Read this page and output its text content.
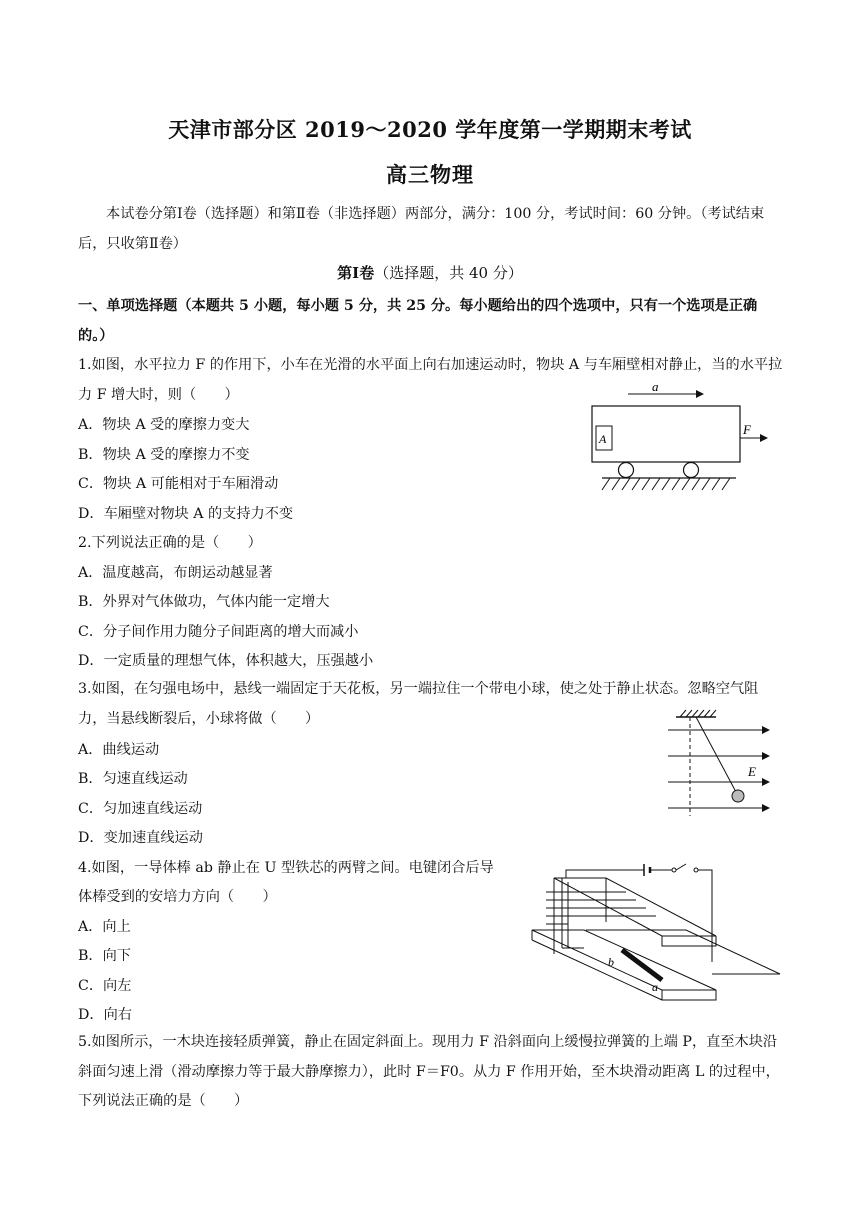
天津市部分区 2019～2020 学年度第一学期期末考试
高三物理
本试卷分第Ⅰ卷（选择题）和第Ⅱ卷（非选择题）两部分，满分：100 分，考试时间：60 分钟。（考试结束后，只收第Ⅱ卷）
第Ⅰ卷（选择题，共 40 分）
一、单项选择题（本题共 5 小题，每小题 5 分，共 25 分。每小题给出的四个选项中，只有一个选项是正确的。）
1.如图，水平拉力 F 的作用下，小车在光滑的水平面上向右加速运动时，物块 A 与车厢壁相对静止，当的水平拉力 F 增大时，则（　　）
A．物块 A 受的摩擦力变大
B．物块 A 受的摩擦力不变
C．物块 A 可能相对于车厢滑动
D．车厢壁对物块 A 的支持力不变
a
A
F
2.下列说法正确的是（　　）
A．温度越高，布朗运动越显著
B．外界对气体做功，气体内能一定增大
C．分子间作用力随分子间距离的增大而减小
D．一定质量的理想气体，体积越大，压强越小
3.如图，在匀强电场中，悬线一端固定于天花板，另一端拉住一个带电小球，使之处于静止状态。忽略空气阻力，当悬线断裂后，小球将做（　　）
A．曲线运动
B．匀速直线运动
C．匀加速直线运动
D．变加速直线运动
E
4.如图，一导体棒 ab 静止在 U 型铁芯的两臂之间。电键闭合后导
体棒受到的安培力方向（　　）
A．向上
B．向下
C．向左
D．向右
b
a
5.如图所示，一木块连接轻质弹簧，静止在固定斜面上。现用力 F 沿斜面向上缓慢拉弹簧的上端 P，直至木块沿斜面匀速上滑（滑动摩擦力等于最大静摩擦力），此时 F＝F0。从力 F 作用开始，至木块滑动距离 L 的过程中，下列说法正确的是（　　）
